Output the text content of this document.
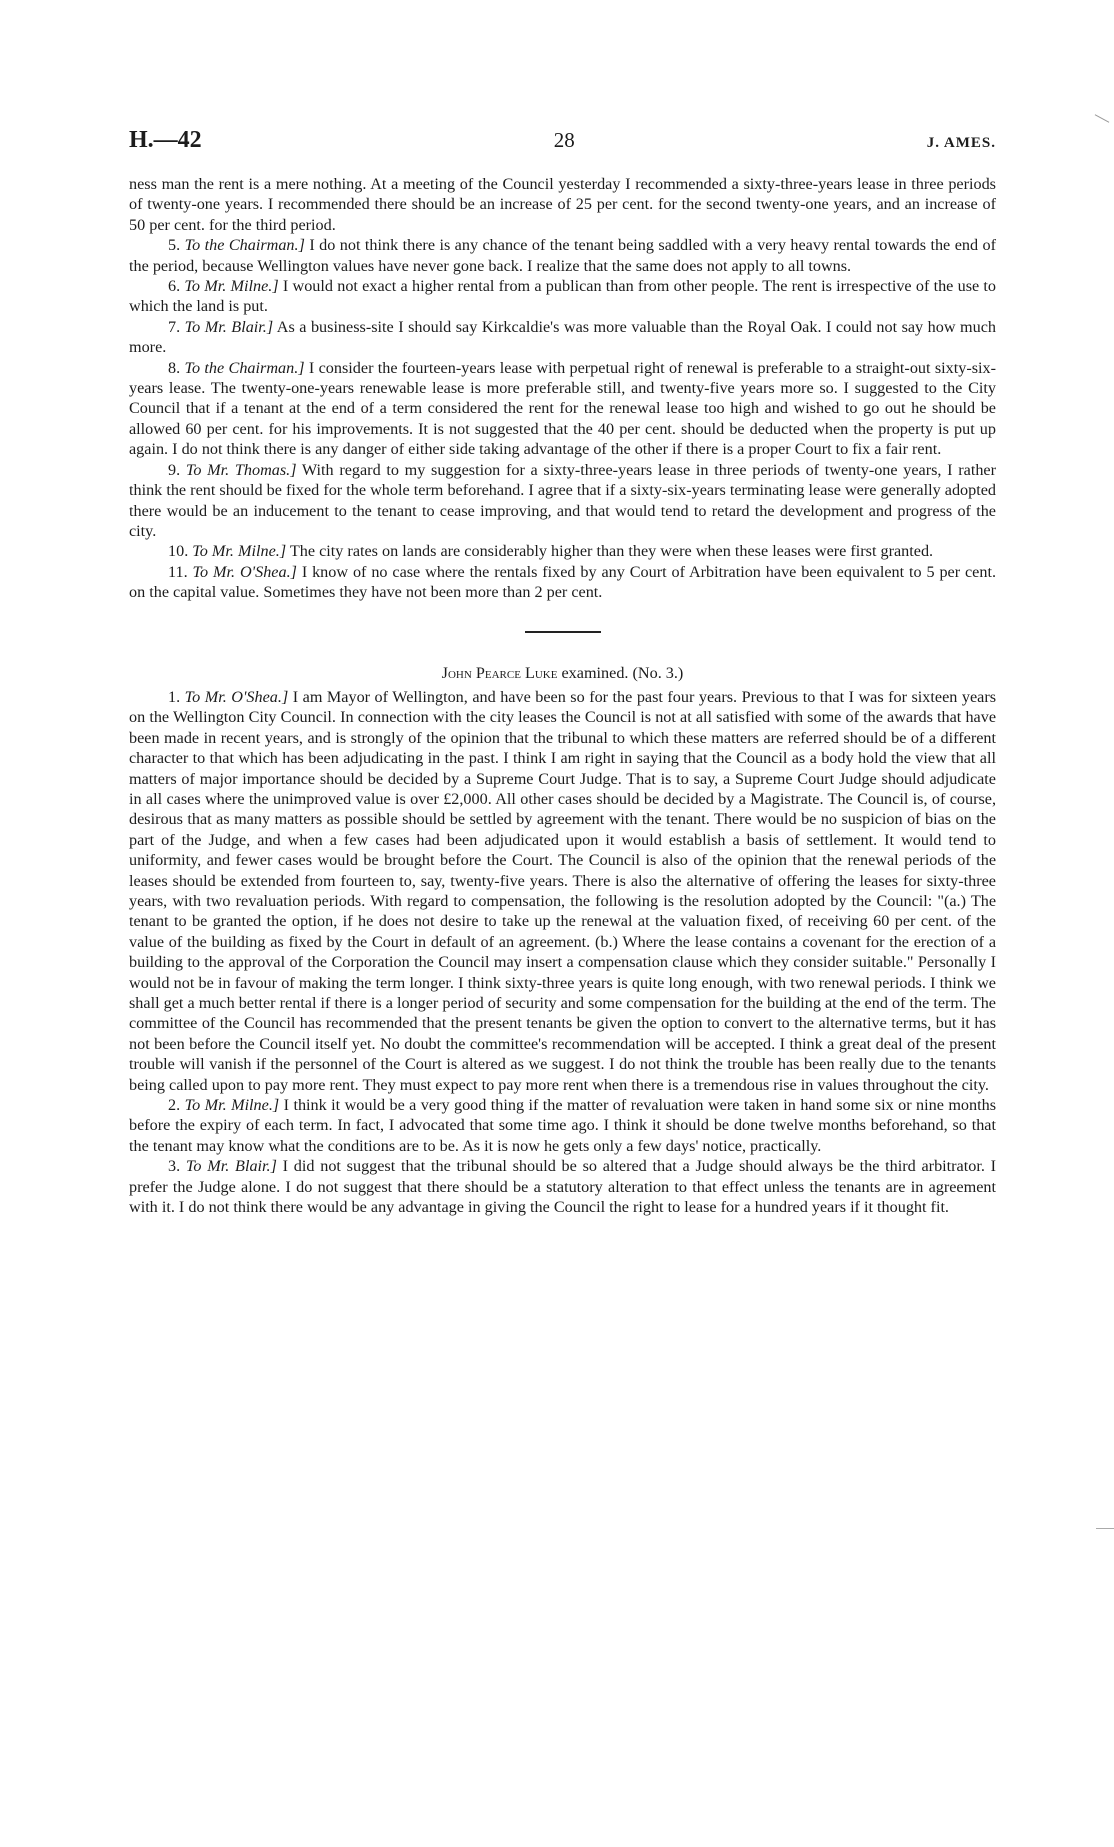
H.—42	28	J. AMES.

ness man the rent is a mere nothing. At a meeting of the Council yesterday I recommended a sixty-three-years lease in three periods of twenty-one years. I recommended there should be an increase of 25 per cent. for the second twenty-one years, and an increase of 50 per cent. for the third period.

5. To the Chairman.] I do not think there is any chance of the tenant being saddled with a very heavy rental towards the end of the period, because Wellington values have never gone back. I realize that the same does not apply to all towns.

6. To Mr. Milne.] I would not exact a higher rental from a publican than from other people. The rent is irrespective of the use to which the land is put.

7. To Mr. Blair.] As a business-site I should say Kirkcaldie's was more valuable than the Royal Oak. I could not say how much more.

8. To the Chairman.] I consider the fourteen-years lease with perpetual right of renewal is preferable to a straight-out sixty-six-years lease. The twenty-one-years renewable lease is more preferable still, and twenty-five years more so. I suggested to the City Council that if a tenant at the end of a term considered the rent for the renewal lease too high and wished to go out he should be allowed 60 per cent. for his improvements. It is not suggested that the 40 per cent. should be deducted when the property is put up again. I do not think there is any danger of either side taking advantage of the other if there is a proper Court to fix a fair rent.

9. To Mr. Thomas.] With regard to my suggestion for a sixty-three-years lease in three periods of twenty-one years, I rather think the rent should be fixed for the whole term beforehand. I agree that if a sixty-six-years terminating lease were generally adopted there would be an inducement to the tenant to cease improving, and that would tend to retard the development and progress of the city.

10. To Mr. Milne.] The city rates on lands are considerably higher than they were when these leases were first granted.

11. To Mr. O'Shea.] I know of no case where the rentals fixed by any Court of Arbitration have been equivalent to 5 per cent. on the capital value. Sometimes they have not been more than 2 per cent.

John Pearce Luke examined. (No. 3.)

1. To Mr. O'Shea.] I am Mayor of Wellington, and have been so for the past four years. Previous to that I was for sixteen years on the Wellington City Council. In connection with the city leases the Council is not at all satisfied with some of the awards that have been made in recent years, and is strongly of the opinion that the tribunal to which these matters are referred should be of a different character to that which has been adjudicating in the past. I think I am right in saying that the Council as a body hold the view that all matters of major importance should be decided by a Supreme Court Judge. That is to say, a Supreme Court Judge should adjudicate in all cases where the unimproved value is over £2,000. All other cases should be decided by a Magistrate. The Council is, of course, desirous that as many matters as possible should be settled by agreement with the tenant. There would be no suspicion of bias on the part of the Judge, and when a few cases had been adjudicated upon it would establish a basis of settlement. It would tend to uniformity, and fewer cases would be brought before the Court. The Council is also of the opinion that the renewal periods of the leases should be extended from fourteen to, say, twenty-five years. There is also the alternative of offering the leases for sixty-three years, with two revaluation periods. With regard to compensation, the following is the resolution adopted by the Council: "(a.) The tenant to be granted the option, if he does not desire to take up the renewal at the valuation fixed, of receiving 60 per cent. of the value of the building as fixed by the Court in default of an agreement. (b.) Where the lease contains a covenant for the erection of a building to the approval of the Corporation the Council may insert a compensation clause which they consider suitable." Personally I would not be in favour of making the term longer. I think sixty-three years is quite long enough, with two renewal periods. I think we shall get a much better rental if there is a longer period of security and some compensation for the building at the end of the term. The committee of the Council has recommended that the present tenants be given the option to convert to the alternative terms, but it has not been before the Council itself yet. No doubt the committee's recommendation will be accepted. I think a great deal of the present trouble will vanish if the personnel of the Court is altered as we suggest. I do not think the trouble has been really due to the tenants being called upon to pay more rent. They must expect to pay more rent when there is a tremendous rise in values throughout the city.

2. To Mr. Milne.] I think it would be a very good thing if the matter of revaluation were taken in hand some six or nine months before the expiry of each term. In fact, I advocated that some time ago. I think it should be done twelve months beforehand, so that the tenant may know what the conditions are to be. As it is now he gets only a few days' notice, practically.

3. To Mr. Blair.] I did not suggest that the tribunal should be so altered that a Judge should always be the third arbitrator. I prefer the Judge alone. I do not suggest that there should be a statutory alteration to that effect unless the tenants are in agreement with it. I do not think there would be any advantage in giving the Council the right to lease for a hundred years if it thought fit.
